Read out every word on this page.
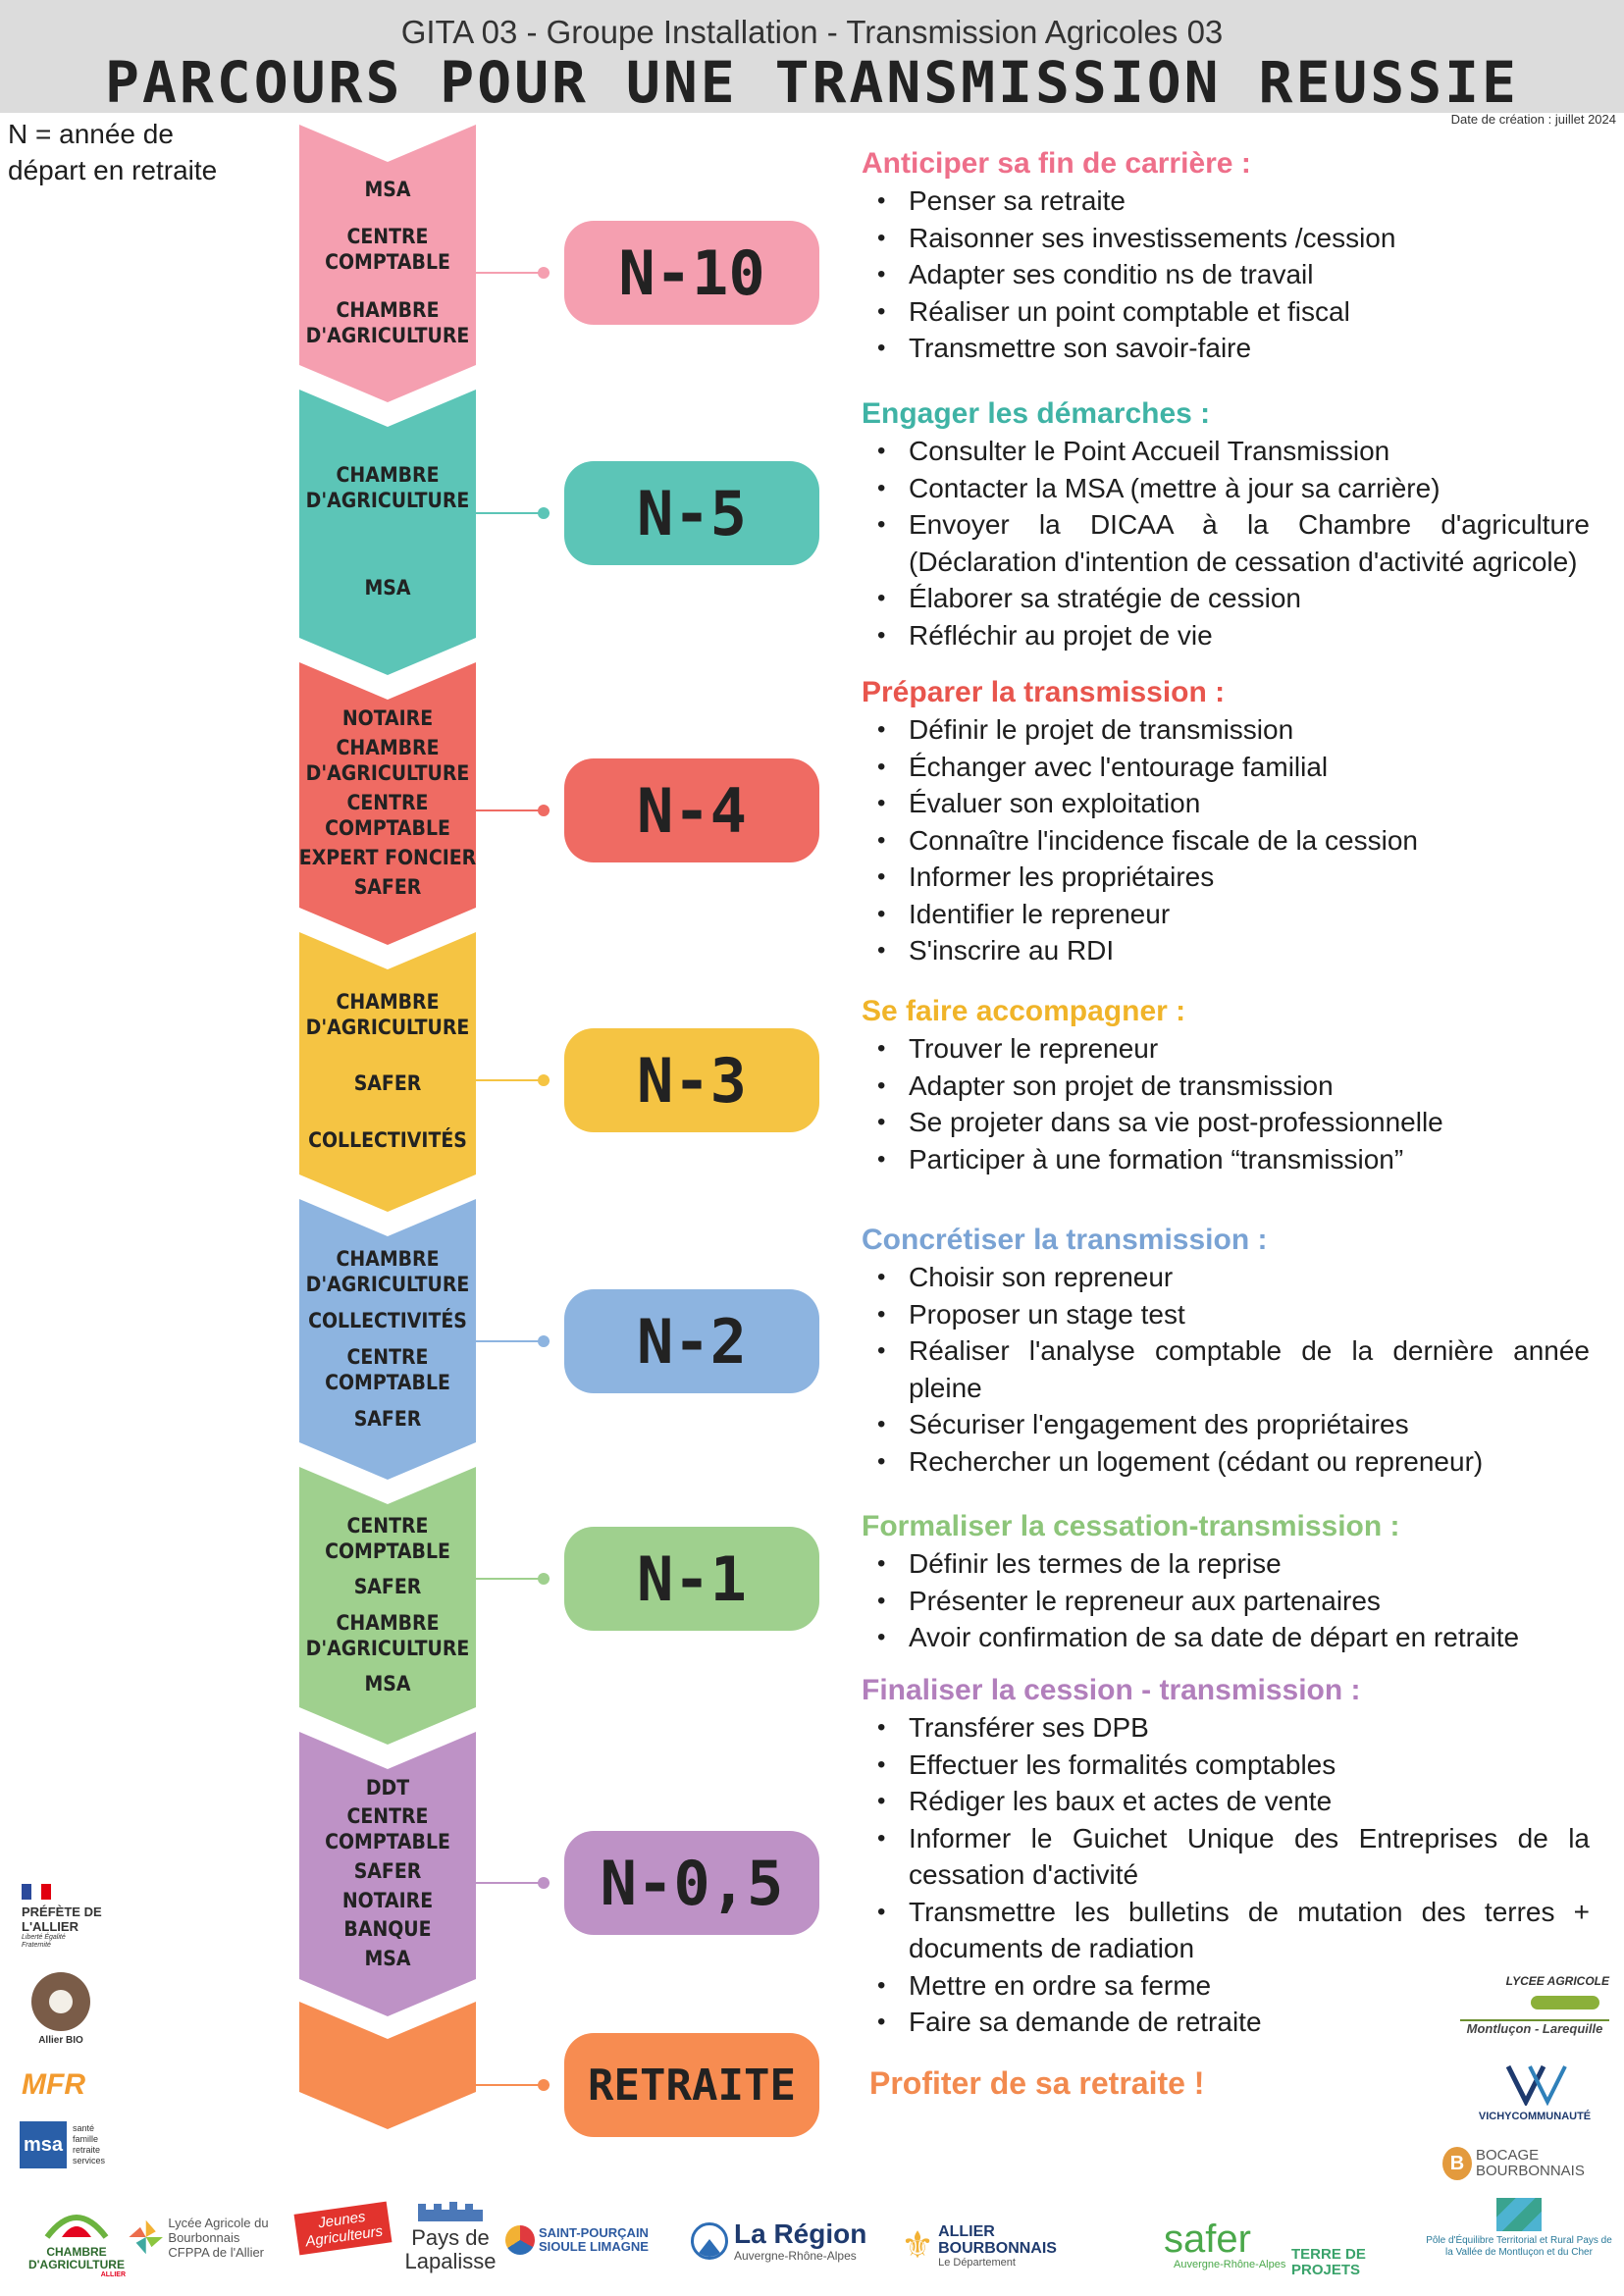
GITA 03 - Groupe Installation - Transmission Agricoles 03
PARCOURS POUR UNE TRANSMISSION REUSSIE
Date de création : juillet 2024
N = année de départ en retraite
MSA
CENTRE COMPTABLE
CHAMBRE D'AGRICULTURE
N-10
Anticiper sa fin de carrière :
• Penser sa retraite
• Raisonner ses investissements /cession
• Adapter ses conditio ns de travail
• Réaliser un point comptable et fiscal
• Transmettre son savoir-faire
CHAMBRE D'AGRICULTURE
MSA
N-5
Engager les démarches :
• Consulter le Point Accueil Transmission
• Contacter la MSA (mettre à jour sa carrière)
• Envoyer la DICAA à la Chambre d'agriculture (Déclaration d'intention de cessation d'activité agricole)
• Élaborer sa stratégie de cession
• Réfléchir au projet de vie
NOTAIRE
CHAMBRE D'AGRICULTURE
CENTRE COMPTABLE
EXPERT FONCIER
SAFER
N-4
Préparer la transmission :
• Définir le projet de transmission
• Échanger avec l'entourage familial
• Évaluer son exploitation
• Connaître l'incidence fiscale de la cession
• Informer les propriétaires
• Identifier le repreneur
• S'inscrire au RDI
CHAMBRE D'AGRICULTURE
SAFER
COLLECTIVITÉS
N-3
Se faire accompagner :
• Trouver le repreneur
• Adapter son projet de transmission
• Se projeter dans sa vie post-professionnelle
• Participer à une formation “transmission”
CHAMBRE D'AGRICULTURE
COLLECTIVITÉS
CENTRE COMPTABLE
SAFER
N-2
Concrétiser la transmission :
• Choisir son repreneur
• Proposer un stage test
• Réaliser l'analyse comptable de la dernière année pleine
• Sécuriser l'engagement des propriétaires
• Rechercher un logement (cédant ou repreneur)
CENTRE COMPTABLE
SAFER
CHAMBRE D'AGRICULTURE
MSA
N-1
Formaliser la cessation-transmission :
• Définir les termes de la reprise
• Présenter le repreneur aux partenaires
• Avoir confirmation de sa date de départ en retraite
DDT
CENTRE COMPTABLE
SAFER
NOTAIRE
BANQUE
MSA
N-0,5
Finaliser la cession - transmission :
• Transférer ses DPB
• Effectuer les formalités comptables
• Rédiger les baux et actes de vente
• Informer le Guichet Unique des Entreprises de la cessation d'activité
• Transmettre les bulletins de mutation des terres + documents de radiation
• Mettre en ordre sa ferme
• Faire sa demande de retraite
RETRAITE	Profiter de sa retraite !
PRÉFÈTE DE L'ALLIER
Liberté Égalité Fraternité
Allier BIO
MFR
msa
santé famille retraite services
LYCEE AGRICOLE
Montluçon - Larequille
VICHYCOMMUNAUTÉ
B BOCAGE BOURBONNAIS
CHAMBRE D'AGRICULTURE
ALLIER
Lycée Agricole du Bourbonnais
CFPPA de l'Allier
Jeunes Agriculteurs	Pays de Lapalisse
SAINT-POURÇAIN SIOULE LIMAGNE	La Région
Auvergne-Rhône-Alpes ⚜ ALLIER BOURBONNAIS
Le Département
safer
Auvergne-Rhône-Alpes
TERRE DE PROJETS
Pôle d'Équilibre Territorial et Rural Pays de la Vallée de Montluçon et du Cher
